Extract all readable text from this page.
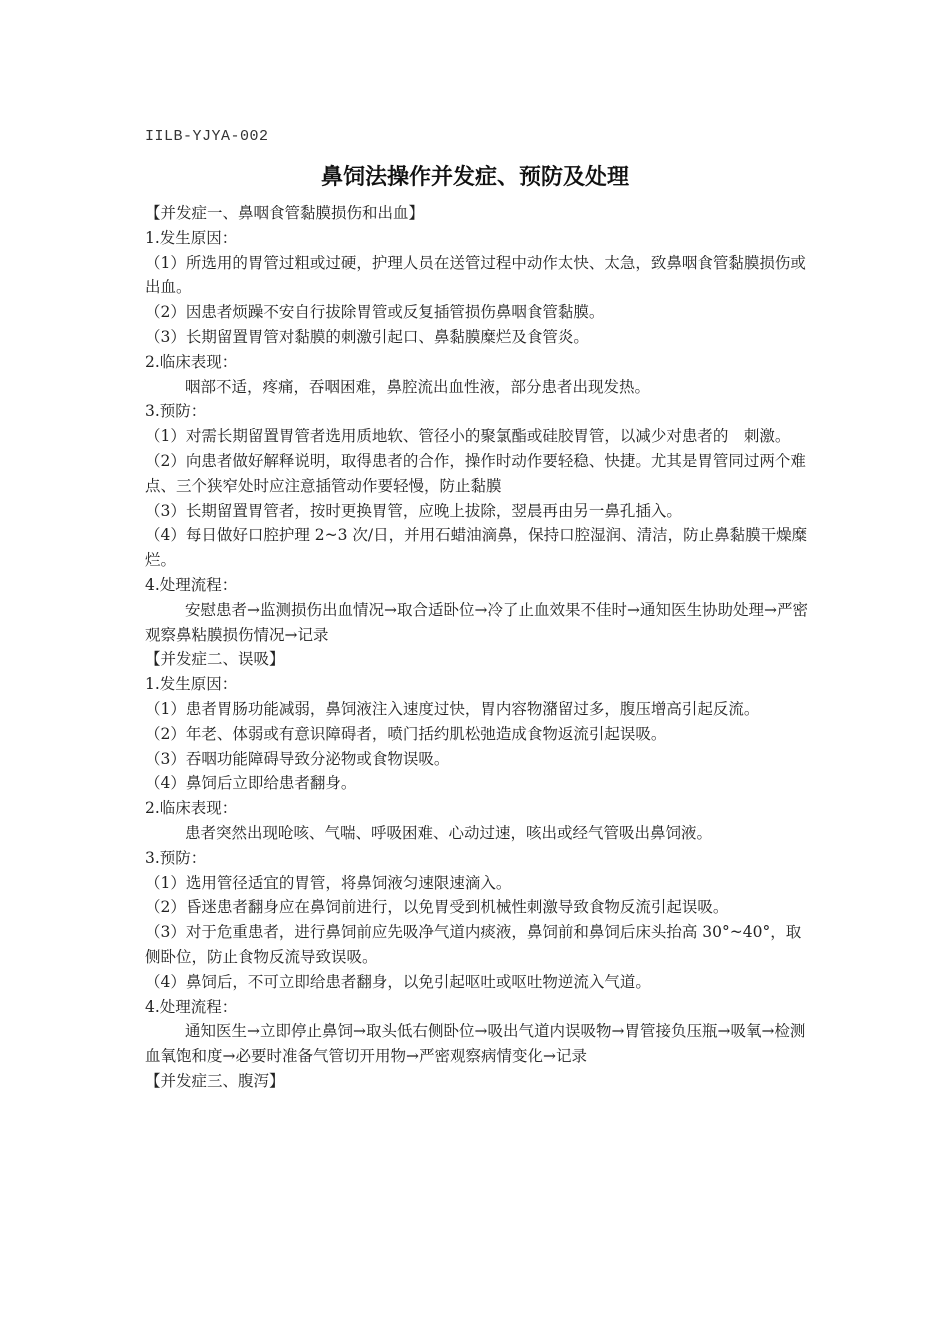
IILB-YJYA-002
鼻饲法操作并发症、预防及处理

【并发症一、鼻咽食管黏膜损伤和出血】

1.发生原因：

（1）所选用的胃管过粗或过硬，护理人员在送管过程中动作太快、太急，致鼻咽食管黏膜损伤或出血。

（2）因患者烦躁不安自行拔除胃管或反复插管损伤鼻咽食管黏膜。

（3）长期留置胃管对黏膜的刺激引起口、鼻黏膜糜烂及食管炎。

2.临床表现：

咽部不适，疼痛，吞咽困难，鼻腔流出血性液，部分患者出现发热。

3.预防：

（1）对需长期留置胃管者选用质地软、管径小的聚氯酯或硅胶胃管，以减少对患者的　刺激。

（2）向患者做好解释说明，取得患者的合作，操作时动作要轻稳、快捷。尤其是胃管同过两个难点、三个狭窄处时应注意插管动作要轻慢，防止黏膜

（3）长期留置胃管者，按时更换胃管，应晚上拔除，翌晨再由另一鼻孔插入。

（4）每日做好口腔护理 2~3 次/日，并用石蜡油滴鼻，保持口腔湿润、清洁，防止鼻黏膜干燥糜烂。

4.处理流程：

安慰患者→监测损伤出血情况→取合适卧位→冷了止血效果不佳时→通知医生协助处理→严密观察鼻粘膜损伤情况→记录

【并发症二、误吸】

1.发生原因：

（1）患者胃肠功能减弱，鼻饲液注入速度过快，胃内容物潴留过多，腹压增高引起反流。

（2）年老、体弱或有意识障碍者，喷门括约肌松弛造成食物返流引起误吸。

（3）吞咽功能障碍导致分泌物或食物误吸。

（4）鼻饲后立即给患者翻身。

2.临床表现：

患者突然出现呛咳、气喘、呼吸困难、心动过速，咳出或经气管吸出鼻饲液。

3.预防：

（1）选用管径适宜的胃管，将鼻饲液匀速限速滴入。

（2）昏迷患者翻身应在鼻饲前进行，以免胃受到机械性刺激导致食物反流引起误吸。

（3）对于危重患者，进行鼻饲前应先吸净气道内痰液，鼻饲前和鼻饲后床头抬高 30°~40°，取侧卧位，防止食物反流导致误吸。

（4）鼻饲后，不可立即给患者翻身，以免引起呕吐或呕吐物逆流入气道。

4.处理流程：

通知医生→立即停止鼻饲→取头低右侧卧位→吸出气道内误吸物→胃管接负压瓶→吸氧→检测血氧饱和度→必要时准备气管切开用物→严密观察病情变化→记录

【并发症三、腹泻】
